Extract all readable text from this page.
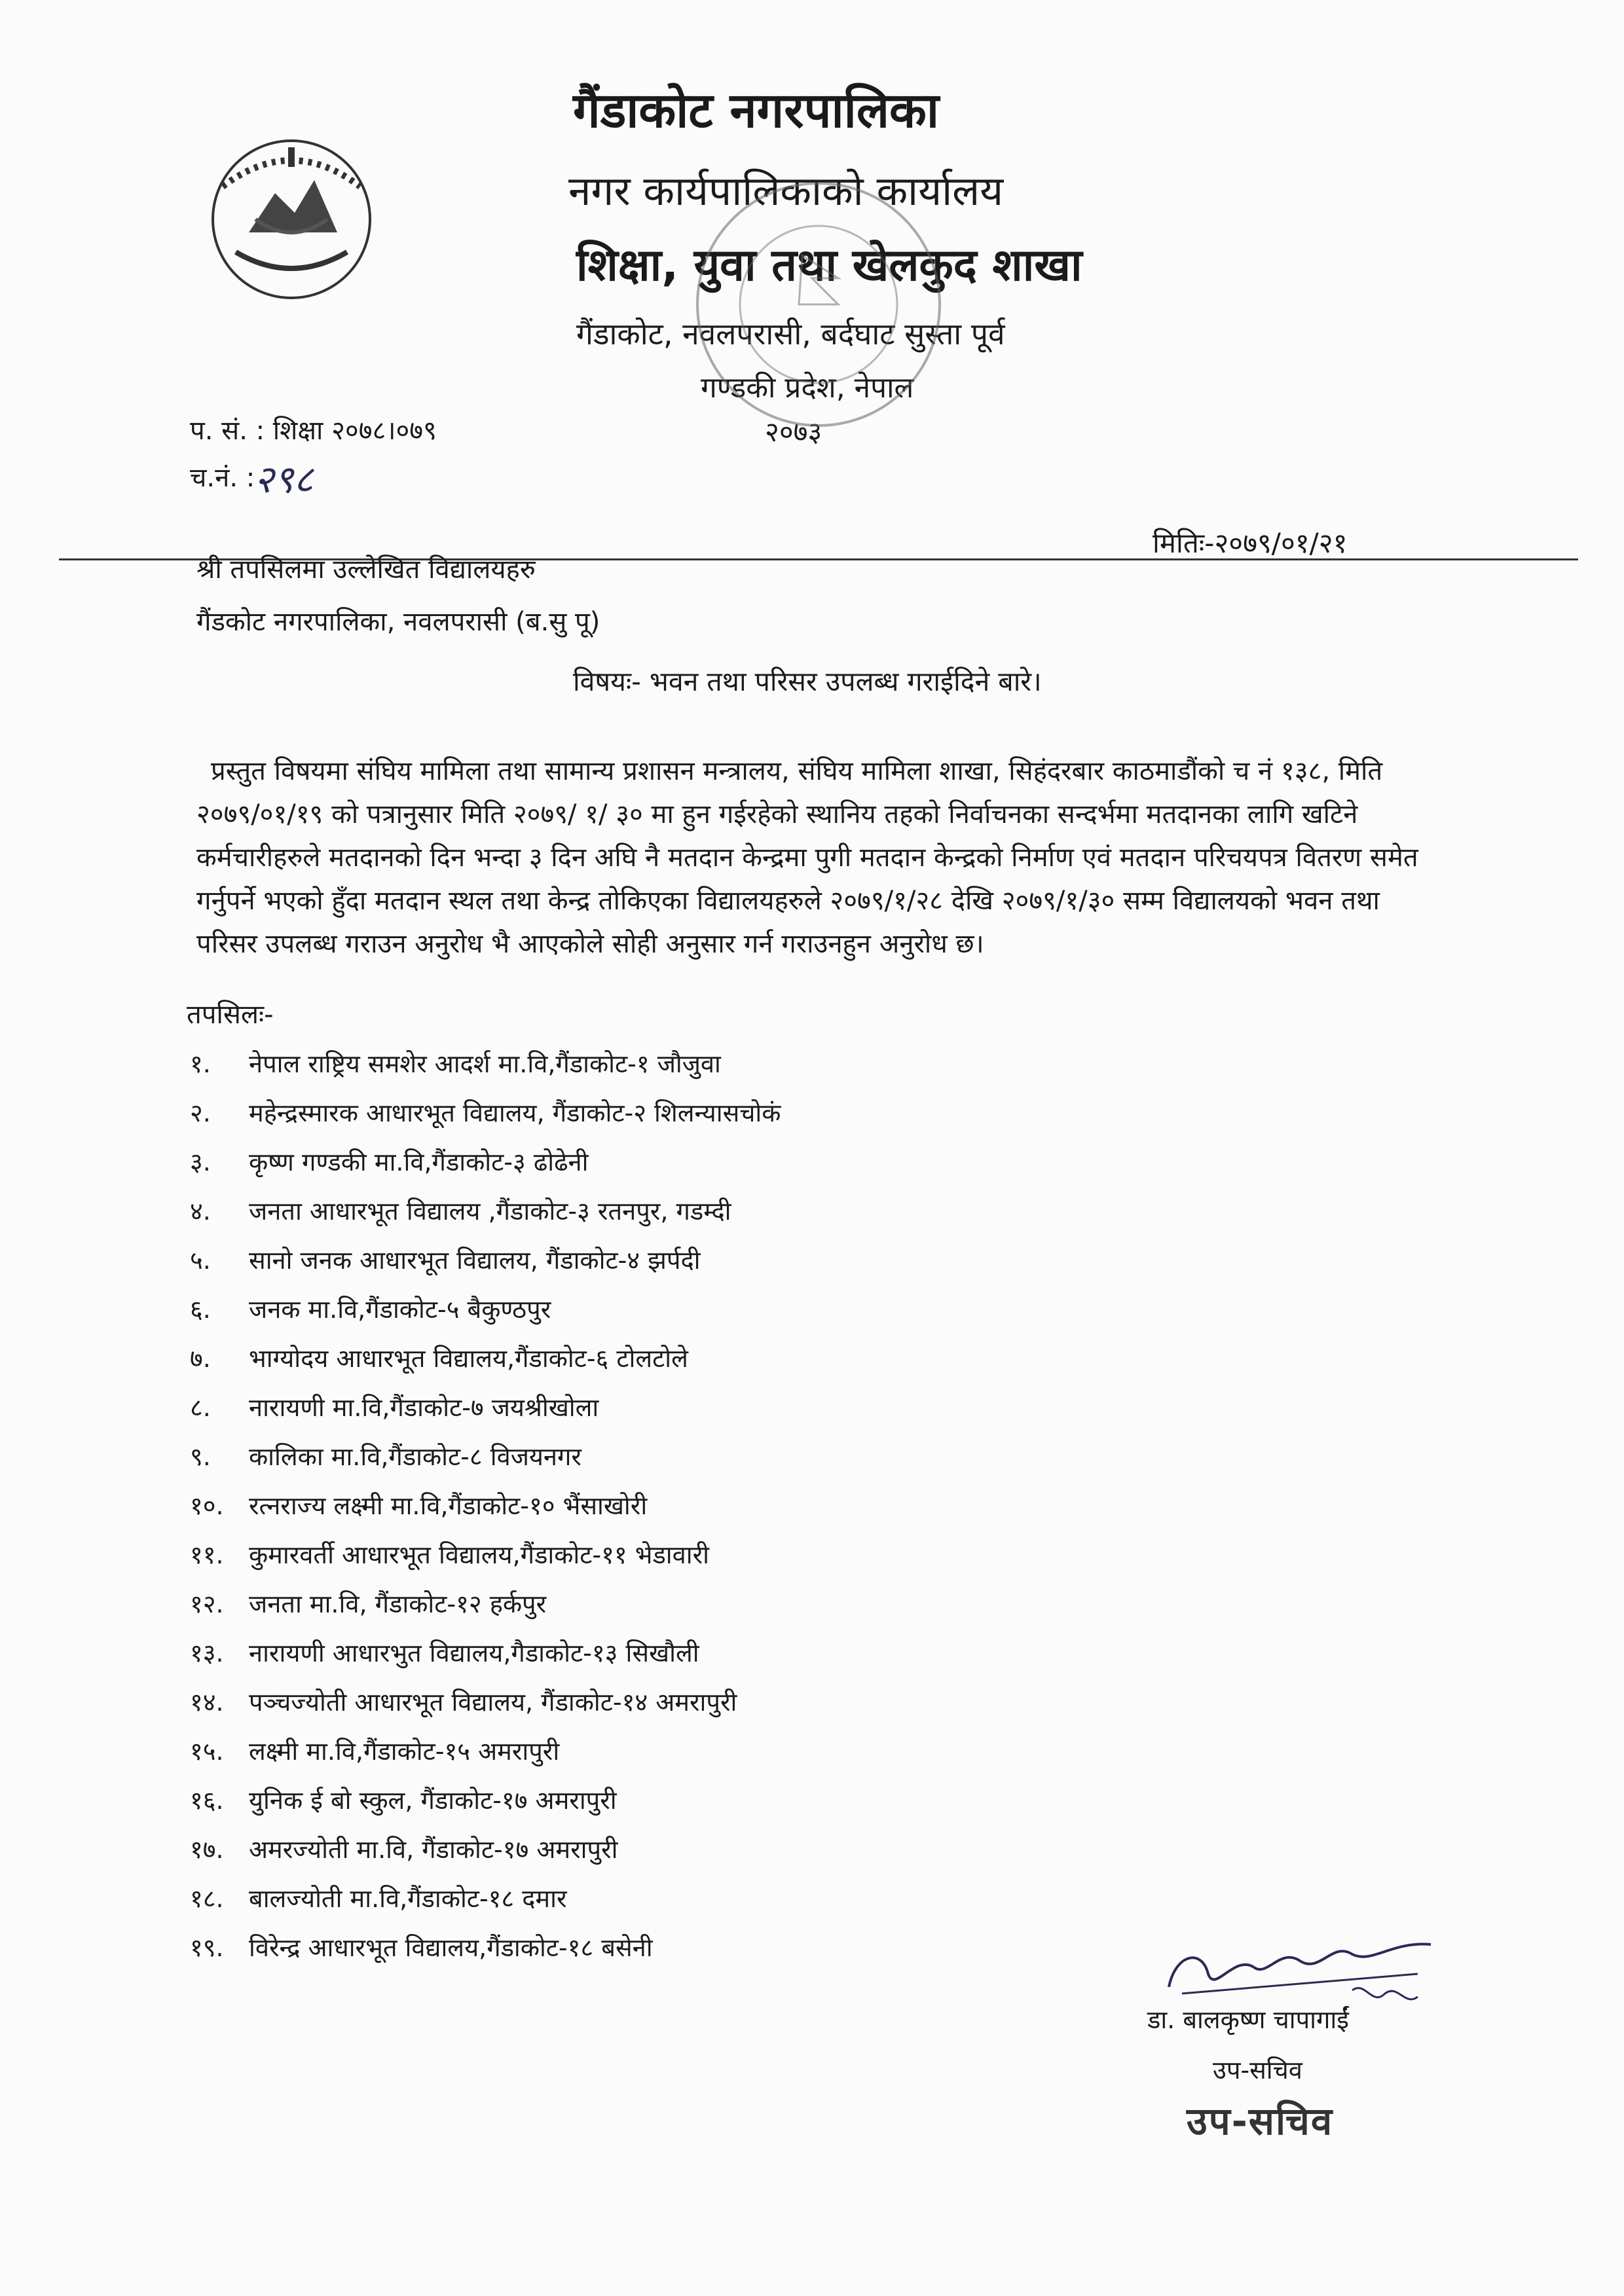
गैंडाकोट नगरपालिका
नगर कार्यपालिकाको कार्यालय
शिक्षा, युवा तथा खेलकुद शाखा
गैंडाकोट, नवलपरासी, बर्दघाट सुस्ता पूर्व
गण्डकी प्रदेश, नेपाल
२०७३
प. सं. : शिक्षा २०७८।०७९
च.नं. :
२९८
मितिः-२०७९/०१/२१
श्री तपसिलमा उल्लेखित विद्यालयहरु
गैंडकोट नगरपालिका, नवलपरासी (ब.सु पू)
विषयः- भवन तथा परिसर उपलब्ध गराईदिने बारे।
प्रस्तुत विषयमा संघिय मामिला तथा सामान्य प्रशासन मन्त्रालय, संघिय मामिला शाखा, सिहंदरबार काठमाडौंको च नं १३८, मिति २०७९/०१/१९ को पत्रानुसार मिति २०७९/ १/ ३० मा हुन गईरहेको स्थानिय तहको निर्वाचनका सन्दर्भमा मतदानका लागि खटिने कर्मचारीहरुले मतदानको दिन भन्दा ३ दिन अघि नै मतदान केन्द्रमा पुगी मतदान केन्द्रको निर्माण एवं मतदान परिचयपत्र वितरण समेत गर्नुपर्ने भएको हुँदा मतदान स्थल तथा केन्द्र तोकिएका विद्यालयहरुले २०७९/१/२८ देखि २०७९/१/३० सम्म विद्यालयको भवन तथा परिसर उपलब्ध गराउन अनुरोध भै आएकोले सोही अनुसार गर्न गराउनहुन अनुरोध छ।
तपसिलः-
१. नेपाल राष्ट्रिय समशेर आदर्श मा.वि,गैंडाकोट-१ जौजुवा
२. महेन्द्रस्मारक आधारभूत विद्यालय, गैंडाकोट-२ शिलन्यासचोकं
३. कृष्ण गण्डकी मा.वि,गैंडाकोट-३ ढोढेनी
४. जनता आधारभूत विद्यालय ,गैंडाकोट-३ रतनपुर, गडम्दी
५. सानो जनक आधारभूत विद्यालय, गैंडाकोट-४ झर्पदी
६. जनक मा.वि,गैंडाकोट-५ बैकुण्ठपुर
७. भाग्योदय आधारभूत विद्यालय,गैंडाकोट-६ टोलटोले
८. नारायणी मा.वि,गैंडाकोट-७ जयश्रीखोला
९. कालिका मा.वि,गैंडाकोट-८ विजयनगर
१०. रत्नराज्य लक्ष्मी मा.वि,गैंडाकोट-१० भैंसाखोरी
११. कुमारवर्ती आधारभूत विद्यालय,गैंडाकोट-११ भेडावारी
१२. जनता मा.वि, गैंडाकोट-१२ हर्कपुर
१३. नारायणी आधारभुत विद्यालय,गैडाकोट-१३ सिखौली
१४. पञ्चज्योती आधारभूत विद्यालय, गैंडाकोट-१४ अमरापुरी
१५. लक्ष्मी मा.वि,गैंडाकोट-१५ अमरापुरी
१६. युनिक ई बो स्कुल, गैंडाकोट-१७ अमरापुरी
१७. अमरज्योती मा.वि, गैंडाकोट-१७ अमरापुरी
१८. बालज्योती मा.वि,गैंडाकोट-१८ दमार
१९. विरेन्द्र आधारभूत विद्यालय,गैंडाकोट-१८ बसेनी
डा. बालकृष्ण चापागाईं
उप-सचिव
उप-सचिव
